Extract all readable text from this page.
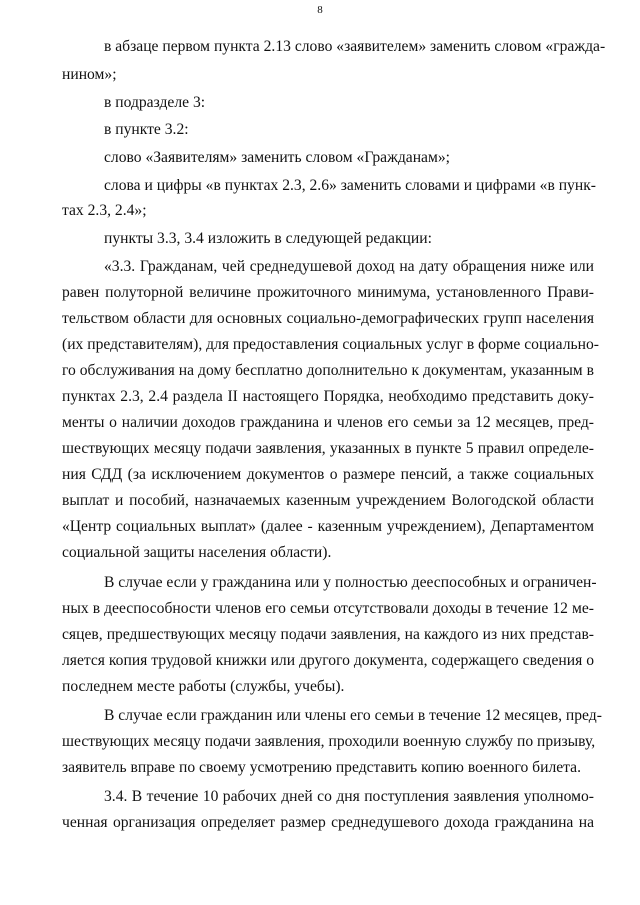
8
в абзаце первом пункта 2.13 слово «заявителем» заменить словом «гражда-
нином»;
в подразделе 3:
в пункте 3.2:
слово «Заявителям» заменить словом «Гражданам»;
слова и цифры «в пунктах 2.3, 2.6» заменить словами и цифрами «в пунк-
тах 2.3, 2.4»;
пункты 3.3, 3.4 изложить в следующей редакции:
«3.3. Гражданам, чей среднедушевой доход на дату обращения ниже или
равен полуторной величине прожиточного минимума, установленного Прави-
тельством области для основных социально-демографических групп населения
(их представителям), для предоставления социальных услуг в форме социально-
го обслуживания на дому бесплатно дополнительно к документам, указанным в
пунктах 2.3, 2.4 раздела II настоящего Порядка, необходимо представить доку-
менты о наличии доходов гражданина и членов его семьи за 12 месяцев, пред-
шествующих месяцу подачи заявления, указанных в пункте 5 правил определе-
ния СДД (за исключением документов о размере пенсий, а также социальных
выплат и пособий, назначаемых казенным учреждением Вологодской области
«Центр социальных выплат» (далее - казенным учреждением), Департаментом
социальной защиты населения области).
В случае если у гражданина или у полностью дееспособных и ограничен-
ных в дееспособности членов его семьи отсутствовали доходы в течение 12 ме-
сяцев, предшествующих месяцу подачи заявления, на каждого из них представ-
ляется копия трудовой книжки или другого документа, содержащего сведения о
последнем месте работы (службы, учебы).
В случае если гражданин или члены его семьи в течение 12 месяцев, пред-
шествующих месяцу подачи заявления, проходили военную службу по призыву,
заявитель вправе по своему усмотрению представить копию военного билета.
3.4. В течение 10 рабочих дней со дня поступления заявления уполномо-
ченная организация определяет размер среднедушевого дохода гражданина на
